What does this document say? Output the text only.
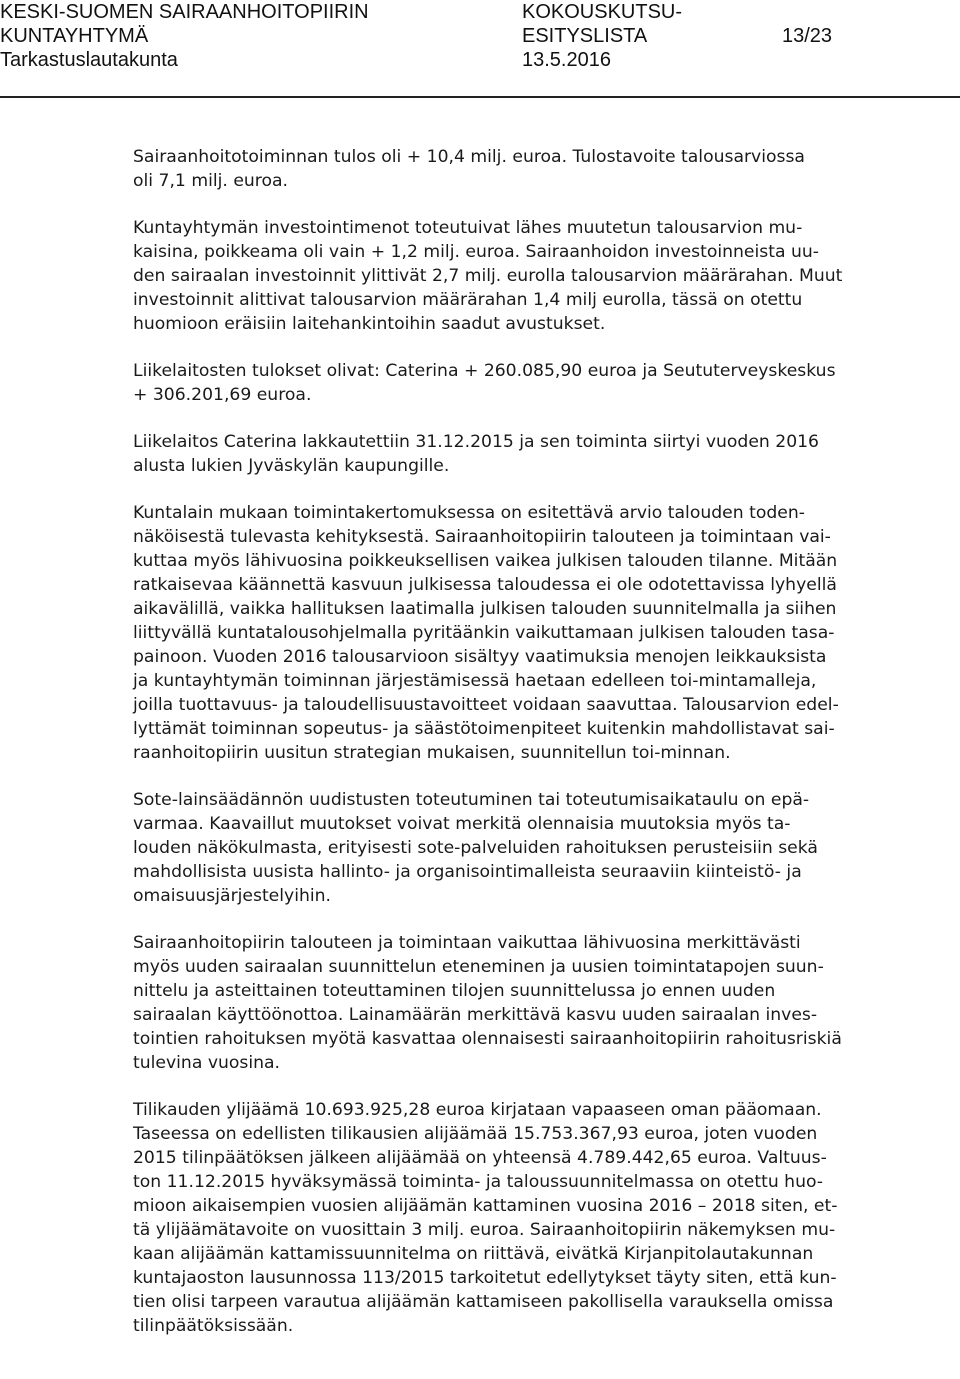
KESKI-SUOMEN SAIRAANHOITOPIIRIN	KOKOUSKUTSU-
KUNTAYHTYMÄ	ESITYSLISTA	13/23
Tarkastuslautakunta	13.5.2016

Sairaanhoitotoiminnan tulos oli + 10,4 milj. euroa. Tulostavoite talousarviossa
oli 7,1 milj. euroa.

Kuntayhtymän investointimenot toteutuivat lähes muutetun talousarvion mu-
kaisina, poikkeama oli vain + 1,2 milj. euroa. Sairaanhoidon investoinneista uu-
den sairaalan investoinnit ylittivät 2,7 milj. eurolla talousarvion määrärahan. Muut
investoinnit alittivat talousarvion määrärahan 1,4 milj eurolla, tässä on otettu
huomioon eräisiin laitehankintoihin saadut avustukset.

Liikelaitosten tulokset olivat: Caterina + 260.085,90 euroa ja Seututerveyskeskus
+ 306.201,69 euroa.

Liikelaitos Caterina lakkautettiin 31.12.2015 ja sen toiminta siirtyi vuoden 2016
alusta lukien Jyväskylän kaupungille.

Kuntalain mukaan toimintakertomuksessa on esitettävä arvio talouden toden-
näköisestä tulevasta kehityksestä. Sairaanhoitopiirin talouteen ja toimintaan vai-
kuttaa myös lähivuosina poikkeuksellisen vaikea julkisen talouden tilanne. Mitään
ratkaisevaa käännettä kasvuun julkisessa taloudessa ei ole odotettavissa lyhyellä
aikavälillä, vaikka hallituksen laatimalla julkisen talouden suunnitelmalla ja siihen
liittyvällä kuntatalousohjelmalla pyritäänkin vaikuttamaan julkisen talouden tasa-
painoon. Vuoden 2016 talousarvioon sisältyy vaatimuksia menojen leikkauksista
ja kuntayhtymän toiminnan järjestämisessä haetaan edelleen toi-mintamalleja,
joilla tuottavuus- ja taloudellisuustavoitteet voidaan saavuttaa. Talousarvion edel-
lyttämät toiminnan sopeutus- ja säästötoimenpiteet kuitenkin mahdollistavat sai-
raanhoitopiirin uusitun strategian mukaisen, suunnitellun toi-minnan.

Sote-lainsäädännön uudistusten toteutuminen tai toteutumisaikataulu on epä-
varmaa. Kaavaillut muutokset voivat merkitä olennaisia muutoksia myös ta-
louden näkökulmasta, erityisesti sote-palveluiden rahoituksen perusteisiin sekä
mahdollisista uusista hallinto- ja organisointimalleista seuraaviin kiinteistö- ja
omaisuusjärjestelyihin.

Sairaanhoitopiirin talouteen ja toimintaan vaikuttaa lähivuosina merkittävästi
myös uuden sairaalan suunnittelun eteneminen ja uusien toimintatapojen suun-
nittelu ja asteittainen toteuttaminen tilojen suunnittelussa jo ennen uuden
sairaalan käyttöönottoa. Lainamäärän merkittävä kasvu uuden sairaalan inves-
tointien rahoituksen myötä kasvattaa olennaisesti sairaanhoitopiirin rahoitusriskiä
tulevina vuosina.

Tilikauden ylijäämä 10.693.925,28 euroa kirjataan vapaaseen oman pääomaan.
Taseessa on edellisten tilikausien alijäämää 15.753.367,93 euroa, joten vuoden
2015 tilinpäätöksen jälkeen alijäämää on yhteensä 4.789.442,65 euroa. Valtuus-
ton 11.12.2015 hyväksymässä toiminta- ja taloussuunnitelmassa on otettu huo-
mioon aikaisempien vuosien alijäämän kattaminen vuosina 2016 – 2018 siten, et-
tä ylijäämätavoite on vuosittain 3 milj. euroa. Sairaanhoitopiirin näkemyksen mu-
kaan alijäämän kattamissuunnitelma on riittävä, eivätkä Kirjanpitolautakunnan
kuntajaoston lausunnossa 113/2015 tarkoitetut edellytykset täyty siten, että kun-
tien olisi tarpeen varautua alijäämän kattamiseen pakollisella varauksella omissa
tilinpäätöksissään.
